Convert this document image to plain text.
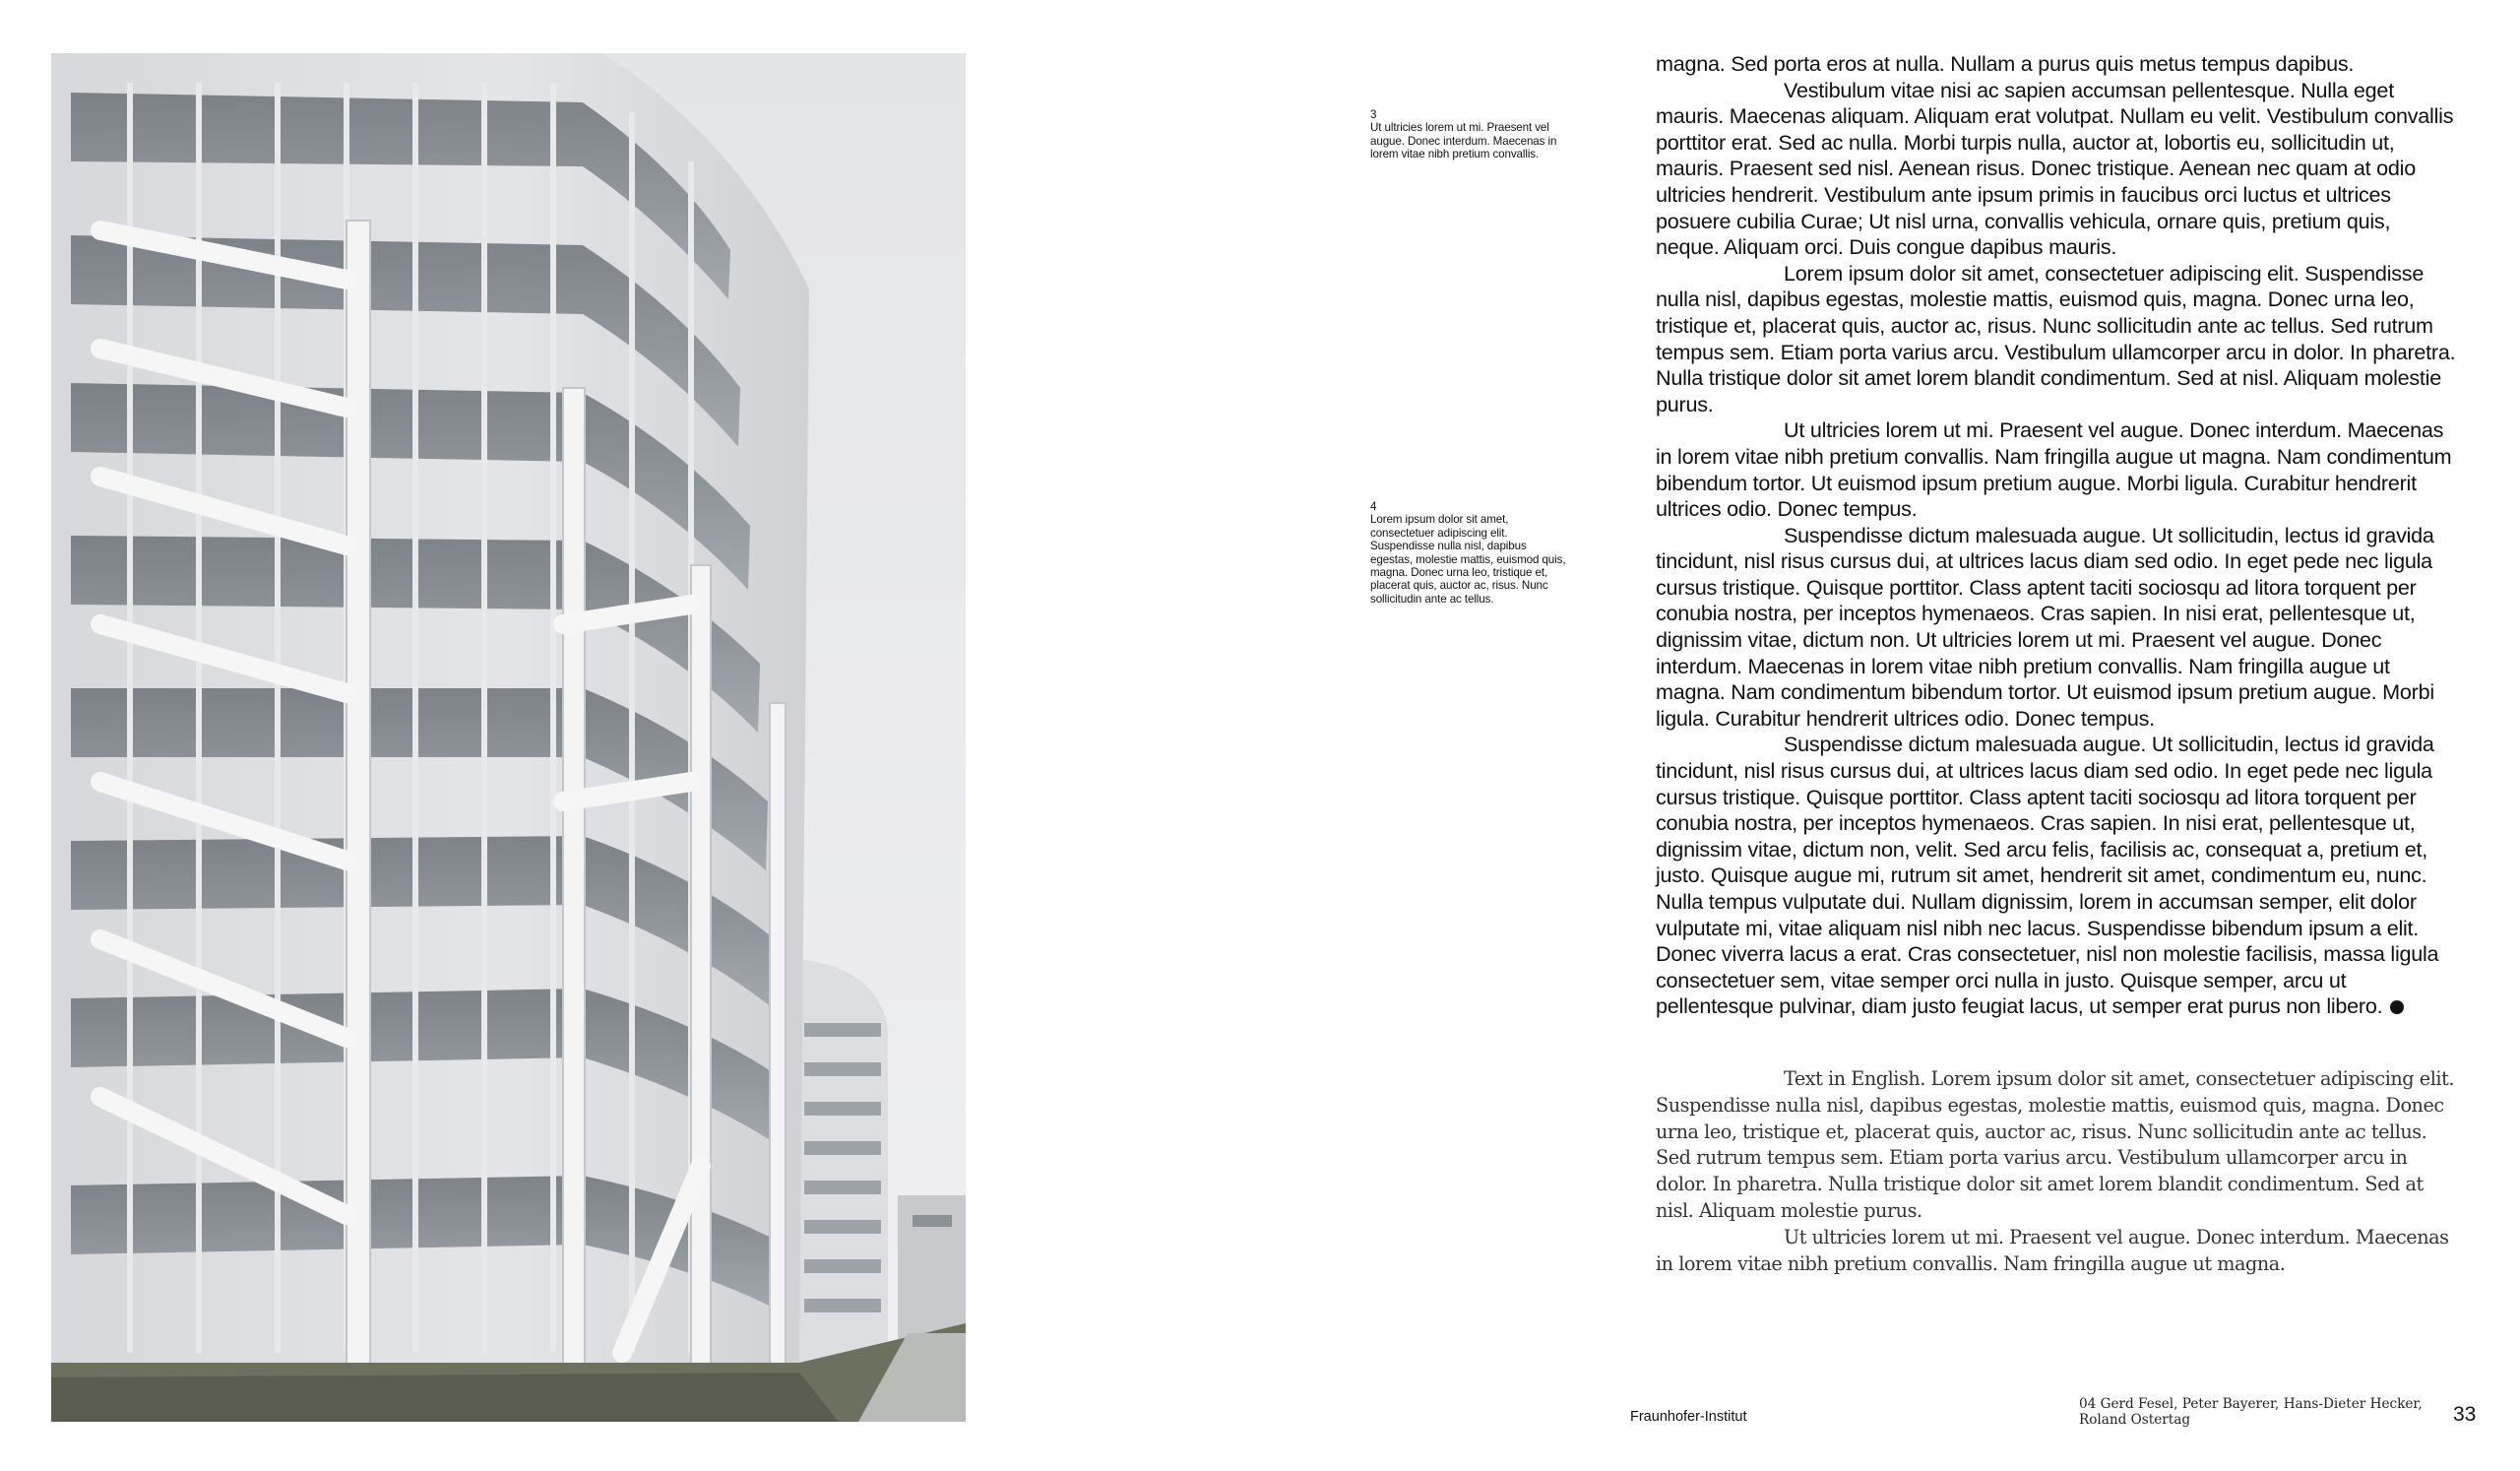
3
Ut ultricies lorem ut mi. Praesent vel augue. Donec interdum. Maecenas in lorem vitae nibh pretium convallis.
4
Lorem ipsum dolor sit amet, consectetuer adipiscing elit. Suspendisse nulla nisl, dapibus egestas, molestie mattis, euismod quis, magna. Donec urna leo, tristique et, placerat quis, auctor ac, risus. Nunc sollicitudin ante ac tellus.

magna. Sed porta eros at nulla. Nullam a purus quis metus tempus dapibus.

Vestibulum vitae nisi ac sapien accumsan pellentesque. Nulla eget mauris. Maecenas aliquam. Aliquam erat volutpat. Nullam eu velit. Vestibulum convallis porttitor erat. Sed ac nulla. Morbi turpis nulla, auctor at, lobortis eu, sollicitudin ut, mauris. Praesent sed nisl. Aenean risus. Donec tristique. Aenean nec quam at odio ultricies hendrerit. Vestibulum ante ipsum primis in faucibus orci luctus et ultrices posuere cubilia Curae; Ut nisl urna, convallis vehicula, ornare quis, pretium quis, neque. Aliquam orci. Duis congue dapibus mauris.

Lorem ipsum dolor sit amet, consectetuer adipiscing elit. Suspendisse nulla nisl, dapibus egestas, molestie mattis, euismod quis, magna. Donec urna leo, tristique et, placerat quis, auctor ac, risus. Nunc sollicitudin ante ac tellus. Sed rutrum tempus sem. Etiam porta varius arcu. Vestibulum ullamcorper arcu in dolor. In pharetra. Nulla tristique dolor sit amet lorem blandit condimentum. Sed at nisl. Aliquam molestie purus.

Ut ultricies lorem ut mi. Praesent vel augue. Donec interdum. Maecenas in lorem vitae nibh pretium convallis. Nam fringilla augue ut magna. Nam condimentum bibendum tortor. Ut euismod ipsum pretium augue. Morbi ligula. Curabitur hendrerit ultrices odio. Donec tempus.

Suspendisse dictum malesuada augue. Ut sollicitudin, lectus id gravida tincidunt, nisl risus cursus dui, at ultrices lacus diam sed odio. In eget pede nec ligula cursus tristique. Quisque porttitor. Class aptent taciti sociosqu ad litora torquent per conubia nostra, per inceptos hymenaeos. Cras sapien. In nisi erat, pellentesque ut, dignissim vitae, dictum non. Ut ultricies lorem ut mi. Praesent vel augue. Donec interdum. Maecenas in lorem vitae nibh pretium convallis. Nam fringilla augue ut magna. Nam condimentum bibendum tortor. Ut euismod ipsum pretium augue. Morbi ligula. Curabitur hendrerit ultrices odio. Donec tempus.

Suspendisse dictum malesuada augue. Ut sollicitudin, lectus id gravida tincidunt, nisl risus cursus dui, at ultrices lacus diam sed odio. In eget pede nec ligula cursus tristique. Quisque porttitor. Class aptent taciti sociosqu ad litora torquent per conubia nostra, per inceptos hymenaeos. Cras sapien. In nisi erat, pellentesque ut, dignissim vitae, dictum non, velit. Sed arcu felis, facilisis ac, consequat a, pretium et, justo. Quisque augue mi, rutrum sit amet, hendrerit sit amet, condimentum eu, nunc. Nulla tempus vulputate dui. Nullam dignissim, lorem in accumsan semper, elit dolor vulputate mi, vitae aliquam nisl nibh nec lacus. Suspendisse bibendum ipsum a elit. Donec viverra lacus a erat. Cras consectetuer, nisl non molestie facilisis, massa ligula consectetuer sem, vitae semper orci nulla in justo. Quisque semper, arcu ut pellentesque pulvinar, diam justo feugiat lacus, ut semper erat purus non libero.

Text in English. Lorem ipsum dolor sit amet, consectetuer adipiscing elit. Suspendisse nulla nisl, dapibus egestas, molestie mattis, euismod quis, magna. Donec urna leo, tristique et, placerat quis, auctor ac, risus. Nunc sollicitudin ante ac tellus. Sed rutrum tempus sem. Etiam porta varius arcu. Vestibulum ullamcorper arcu in dolor. In pharetra. Nulla tristique dolor sit amet lorem blandit condimentum. Sed at nisl. Aliquam molestie purus.

Ut ultricies lorem ut mi. Praesent vel augue. Donec interdum. Maecenas in lorem vitae nibh pretium convallis. Nam fringilla augue ut magna.

Fraunhofer-Institut
04 Gerd Fesel, Peter Bayerer, Hans-Dieter Hecker, Roland Ostertag	33
